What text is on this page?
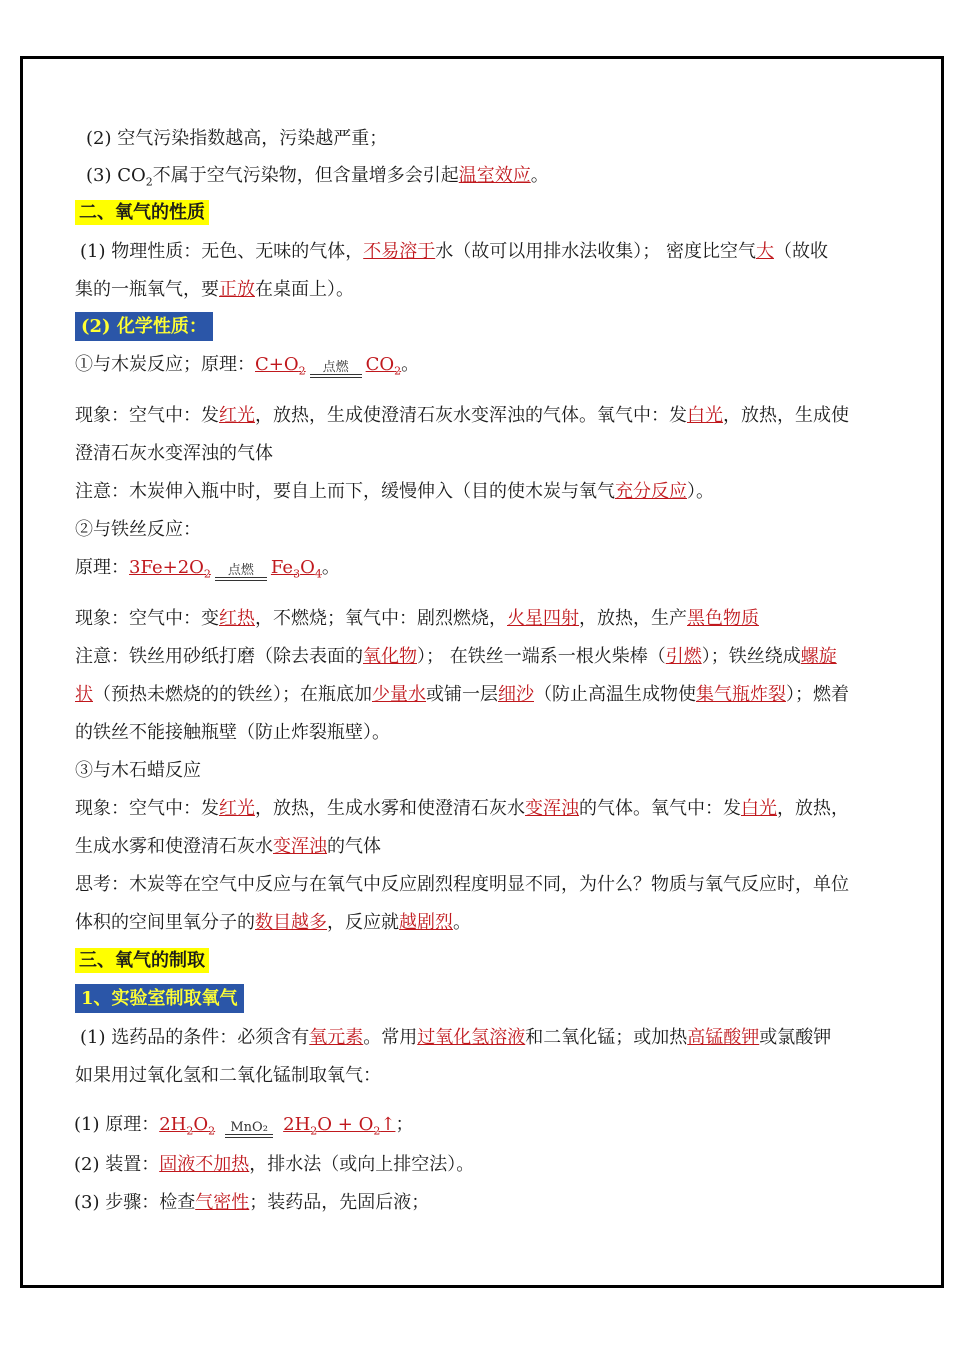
(2) 空气污染指数越高，污染越严重；
(3) $CO_2$不属于空气污染物，但含量增多会引起温室效应。
二、氧气的性质
(1) 物理性质：无色、无味的气体，不易溶于水（故可以用排水法收集）； 密度比空气大（故收
集的一瓶氧气，要正放在桌面上）。
(2) 化学性质：
①与木炭反应；原理：$C+O_2$	点燃 $CO_2$。
现象：空气中：发红光，放热，生成使澄清石灰水变浑浊的气体。氧气中：发白光，放热，生成使
澄清石灰水变浑浊的气体
注意：木炭伸入瓶中时，要自上而下，缓慢伸入（目的使木炭与氧气充分反应）。
②与铁丝反应：
原理：$3Fe+2O_2$	点燃 $Fe_3O_4$。
现象：空气中：变红热，不燃烧；氧气中：剧烈燃烧，火星四射，放热，生产黑色物质
注意：铁丝用砂纸打磨（除去表面的氧化物）； 在铁丝一端系一根火柴棒（引燃）；铁丝绕成螺旋
状（预热未燃烧的的铁丝）；在瓶底加少量水或铺一层细沙（防止高温生成物使集气瓶炸裂）；燃着
的铁丝不能接触瓶壁（防止炸裂瓶壁）。
③与木石蜡反应
现象：空气中：发红光，放热，生成水雾和使澄清石灰水变浑浊的气体。氧气中：发白光，放热，
生成水雾和使澄清石灰水变浑浊的气体
思考：木炭等在空气中反应与在氧气中反应剧烈程度明显不同，为什么？物质与氧气反应时，单位
体积的空间里氧分子的数目越多，反应就越剧烈。
三、氧气的制取
1、实验室制取氧气
(1) 选药品的条件：必须含有氧元素。常用过氧化氢溶液和二氧化锰；或加热高锰酸钾或氯酸钾
如果用过氧化氢和二氧化锰制取氧气：
(1) 原理：$2H_2O_2$	MnO₂ $2H_2O$ + $O_2↑$；
(2) 装置：固液不加热，排水法（或向上排空法）。
(3) 步骤：检查气密性；装药品，先固后液；
